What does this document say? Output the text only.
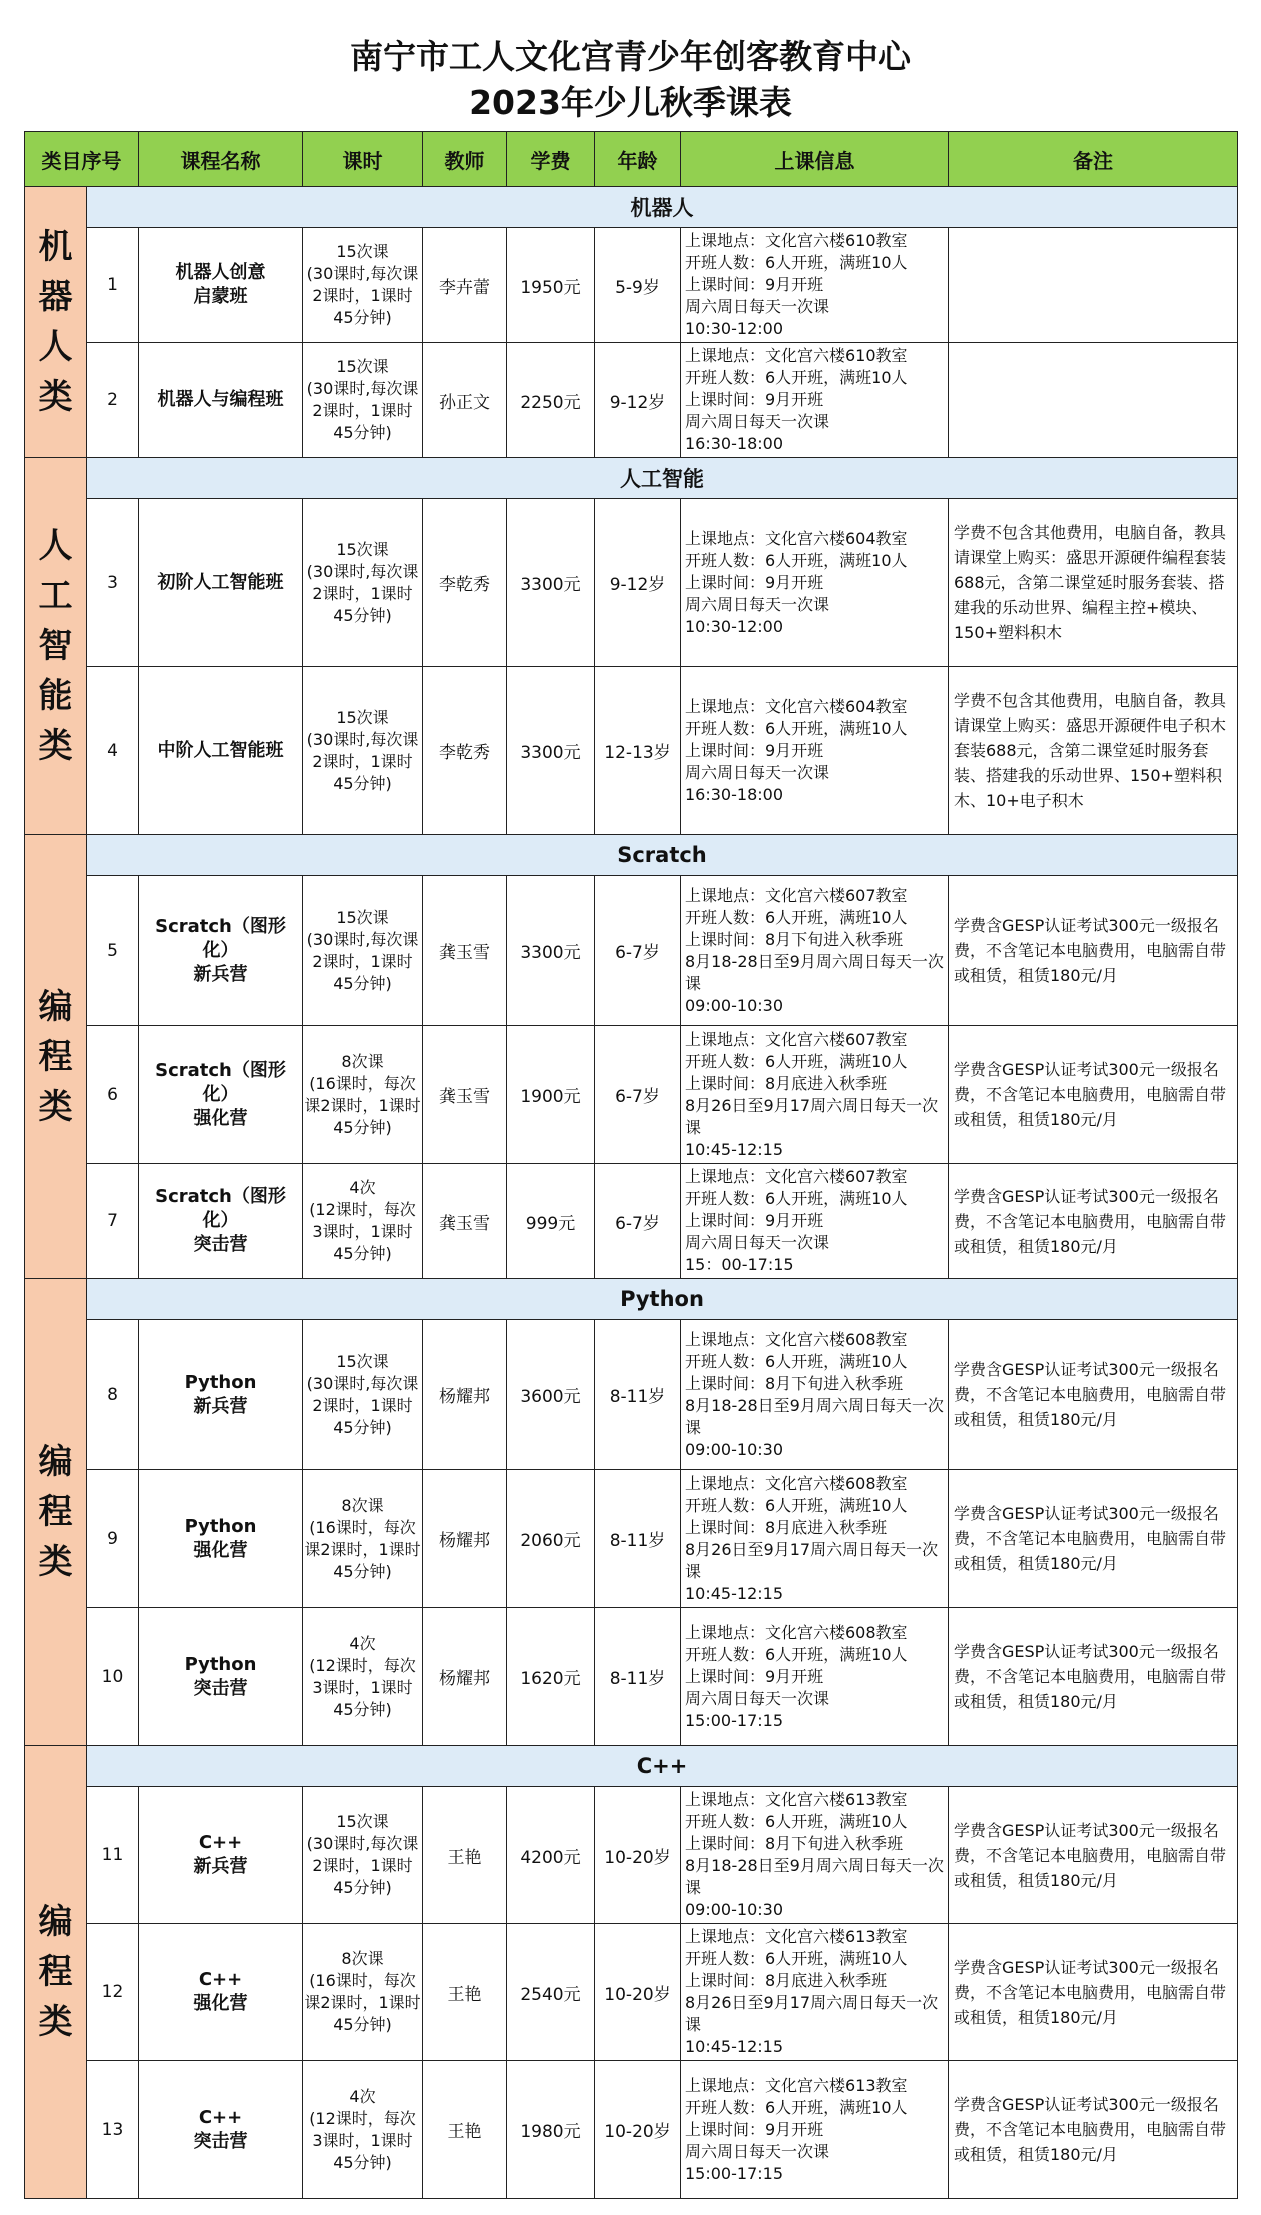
南宁市工人文化宫青少年创客教育中心
2023年少儿秋季课表
类目序号		课程名称	课时	教师	学费	年龄	上课信息	备注
机器人类	机器人							
	1	机器人创意
启蒙班	15次课
(30课时,每次课
2课时，1课时
45分钟)	李卉蕾	1950元	5-9岁	上课地点：文化宫六楼610教室
开班人数：6人开班，满班10人
上课时间：9月开班
周六周日每天一次课
10:30-12:00	
	2	机器人与编程班	15次课
(30课时,每次课
2课时，1课时
45分钟)	孙正文	2250元	9-12岁	上课地点：文化宫六楼610教室
开班人数：6人开班，满班10人
上课时间：9月开班
周六周日每天一次课
16:30-18:00	
人工智能类	人工智能							
	3	初阶人工智能班	15次课
(30课时,每次课
2课时，1课时
45分钟)	李乾秀	3300元	9-12岁	上课地点：文化宫六楼604教室
开班人数：6人开班，满班10人
上课时间：9月开班
周六周日每天一次课
10:30-12:00	学费不包含其他费用，电脑自备，教具请课堂上购买：盛思开源硬件编程套装688元，含第二课堂延时服务套装、搭建我的乐动世界、编程主控+模块、150+塑料积木
	4	中阶人工智能班	15次课
(30课时,每次课
2课时，1课时
45分钟)	李乾秀	3300元	12-13岁	上课地点：文化宫六楼604教室
开班人数：6人开班，满班10人
上课时间：9月开班
周六周日每天一次课
16:30-18:00	学费不包含其他费用，电脑自备，教具请课堂上购买：盛思开源硬件电子积木套装688元，含第二课堂延时服务套装、搭建我的乐动世界、150+塑料积木、10+电子积木
编程类	Scratch							
	5	Scratch（图形化）
新兵营	15次课
(30课时,每次课
2课时，1课时
45分钟)	龚玉雪	3300元	6-7岁	上课地点：文化宫六楼607教室
开班人数：6人开班，满班10人
上课时间：8月下旬进入秋季班
8月18-28日至9月周六周日每天一次课
09:00-10:30	学费含GESP认证考试300元一级报名费，不含笔记本电脑费用，电脑需自带或租赁，租赁180元/月
	6	Scratch（图形化）
强化营	8次课
(16课时，每次
课2课时，1课时
45分钟)	龚玉雪	1900元	6-7岁	上课地点：文化宫六楼607教室
开班人数：6人开班，满班10人
上课时间：8月底进入秋季班
8月26日至9月17周六周日每天一次课
10:45-12:15	学费含GESP认证考试300元一级报名费，不含笔记本电脑费用，电脑需自带或租赁，租赁180元/月
	7	Scratch（图形化）
突击营	4次
(12课时，每次
3课时，1课时
45分钟)	龚玉雪	999元	6-7岁	上课地点：文化宫六楼607教室
开班人数：6人开班，满班10人
上课时间：9月开班
周六周日每天一次课
15：00-17:15	学费含GESP认证考试300元一级报名费，不含笔记本电脑费用，电脑需自带或租赁，租赁180元/月
编程类	Python							
	8	Python
新兵营	15次课
(30课时,每次课
2课时，1课时
45分钟)	杨耀邦	3600元	8-11岁	上课地点：文化宫六楼608教室
开班人数：6人开班，满班10人
上课时间：8月下旬进入秋季班
8月18-28日至9月周六周日每天一次课
09:00-10:30	学费含GESP认证考试300元一级报名费，不含笔记本电脑费用，电脑需自带或租赁，租赁180元/月
	9	Python
强化营	8次课
(16课时，每次
课2课时，1课时
45分钟)	杨耀邦	2060元	8-11岁	上课地点：文化宫六楼608教室
开班人数：6人开班，满班10人
上课时间：8月底进入秋季班
8月26日至9月17周六周日每天一次课
10:45-12:15	学费含GESP认证考试300元一级报名费，不含笔记本电脑费用，电脑需自带或租赁，租赁180元/月
	10	Python
突击营	4次
(12课时，每次
3课时，1课时
45分钟)	杨耀邦	1620元	8-11岁	上课地点：文化宫六楼608教室
开班人数：6人开班，满班10人
上课时间：9月开班
周六周日每天一次课
15:00-17:15	学费含GESP认证考试300元一级报名费，不含笔记本电脑费用，电脑需自带或租赁，租赁180元/月
编程类	C++							
	11	C++
新兵营	15次课
(30课时,每次课
2课时，1课时
45分钟)	王艳	4200元	10-20岁	上课地点：文化宫六楼613教室
开班人数：6人开班，满班10人
上课时间：8月下旬进入秋季班
8月18-28日至9月周六周日每天一次课
09:00-10:30	学费含GESP认证考试300元一级报名费，不含笔记本电脑费用，电脑需自带或租赁，租赁180元/月
	12	C++
强化营	8次课
(16课时，每次
课2课时，1课时
45分钟)	王艳	2540元	10-20岁	上课地点：文化宫六楼613教室
开班人数：6人开班，满班10人
上课时间：8月底进入秋季班
8月26日至9月17周六周日每天一次课
10:45-12:15	学费含GESP认证考试300元一级报名费，不含笔记本电脑费用，电脑需自带或租赁，租赁180元/月
	13	C++
突击营	4次
(12课时，每次
3课时，1课时
45分钟)	王艳	1980元	10-20岁	上课地点：文化宫六楼613教室
开班人数：6人开班，满班10人
上课时间：9月开班
周六周日每天一次课
15:00-17:15	学费含GESP认证考试300元一级报名费，不含笔记本电脑费用，电脑需自带或租赁，租赁180元/月
